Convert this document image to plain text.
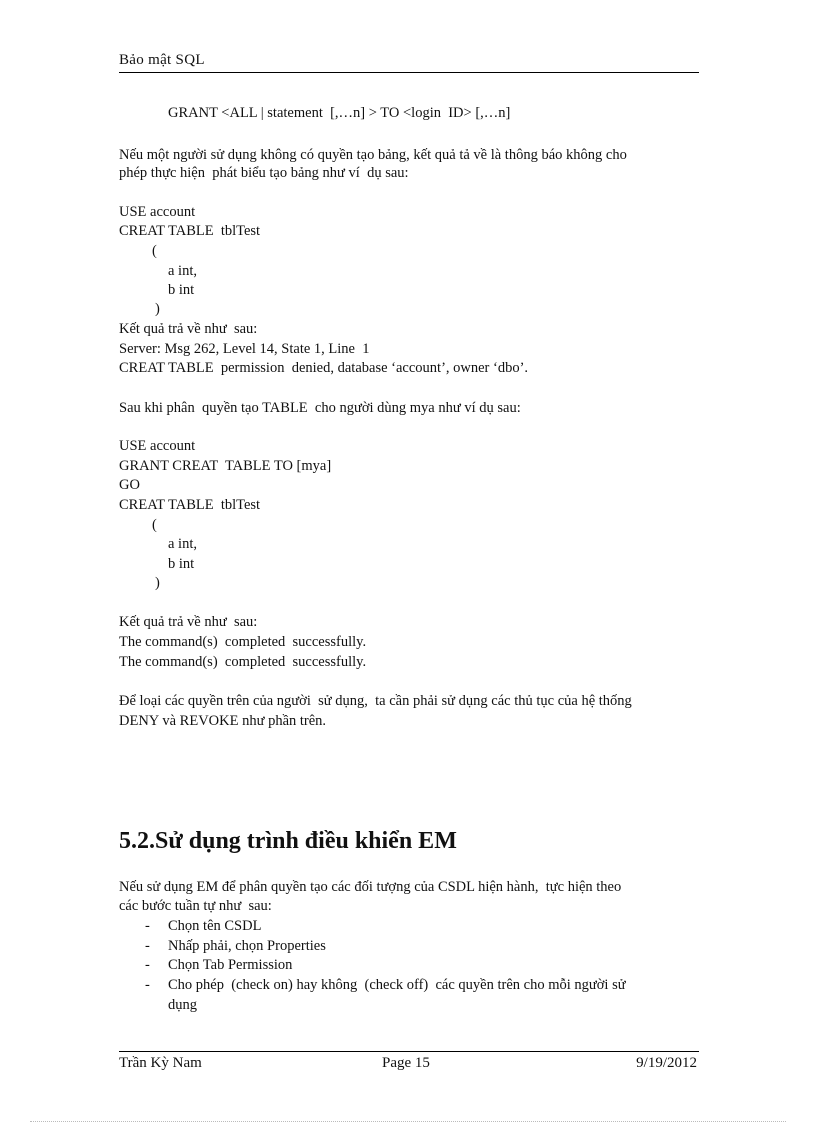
Bảo mật SQL
GRANT <ALL | statement  [,…n] > TO <login  ID> [,…n]
Nếu một người sử dụng không có quyền tạo bảng, kết quả tả về là thông báo không cho
phép thực hiện  phát biểu tạo bảng như ví  dụ sau:
USE account
CREAT TABLE  tblTest
(
a int,
b int
)
Kết quả trả về như  sau:
Server: Msg 262, Level 14, State 1, Line  1
CREAT TABLE  permission  denied, database ‘account’, owner ‘dbo’.
Sau khi phân  quyền tạo TABLE  cho người dùng mya như ví dụ sau:
USE account
GRANT CREAT  TABLE TO [mya]
GO
CREAT TABLE  tblTest
(
a int,
b int
)
Kết quả trả về như  sau:
The command(s)  completed  successfully.
The command(s)  completed  successfully.
Để loại các quyền trên của người  sử dụng,  ta cần phải sử dụng các thủ tục của hệ thống
DENY và REVOKE như phần trên.
5.2.Sử dụng trình điều khiển EM
Nếu sử dụng EM để phân quyền tạo các đối tượng của CSDL hiện hành,  tực hiện theo
các bước tuần tự như  sau:
- Chọn tên CSDL
- Nhấp phải, chọn Properties
- Chọn Tab Permission
- Cho phép  (check on) hay không  (check off)  các quyền trên cho mỗi người sử
dụng
Trần Kỳ Nam	Page 15	9/19/2012
